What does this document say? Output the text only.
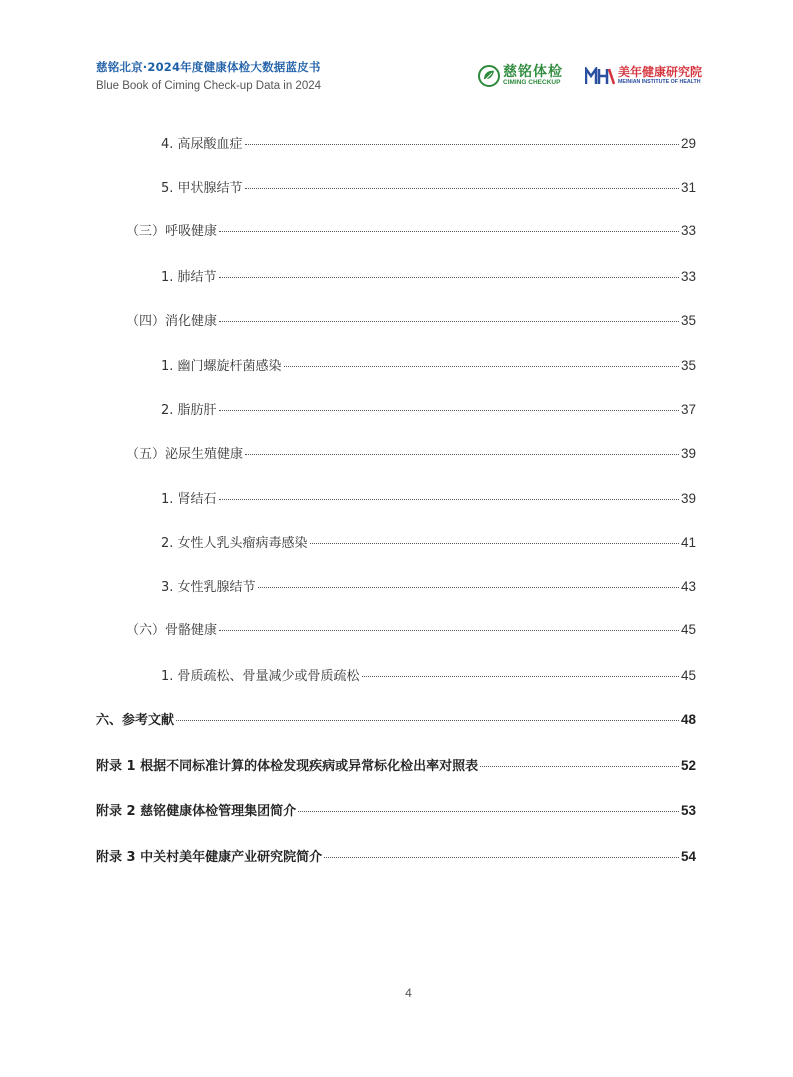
慈铭北京·2024年度健康体检大数据蓝皮书
Blue Book of Ciming Check-up Data in 2024
慈铭体检
CIMING CHECKUP
美年健康研究院
MEINIAN INSTITUTE OF HEALTH
4. 高尿酸血症	29
5. 甲状腺结节	31
（三）呼吸健康	33
1. 肺结节	33
（四）消化健康	35
1. 幽门螺旋杆菌感染	35
2. 脂肪肝	37
（五）泌尿生殖健康	39
1. 肾结石	39
2. 女性人乳头瘤病毒感染	41
3. 女性乳腺结节	43
（六）骨骼健康	45
1. 骨质疏松、骨量减少或骨质疏松	45
六、参考文献	48
附录 1 根据不同标准计算的体检发现疾病或异常标化检出率对照表	52
附录 2 慈铭健康体检管理集团简介	53
附录 3 中关村美年健康产业研究院简介	54
4
